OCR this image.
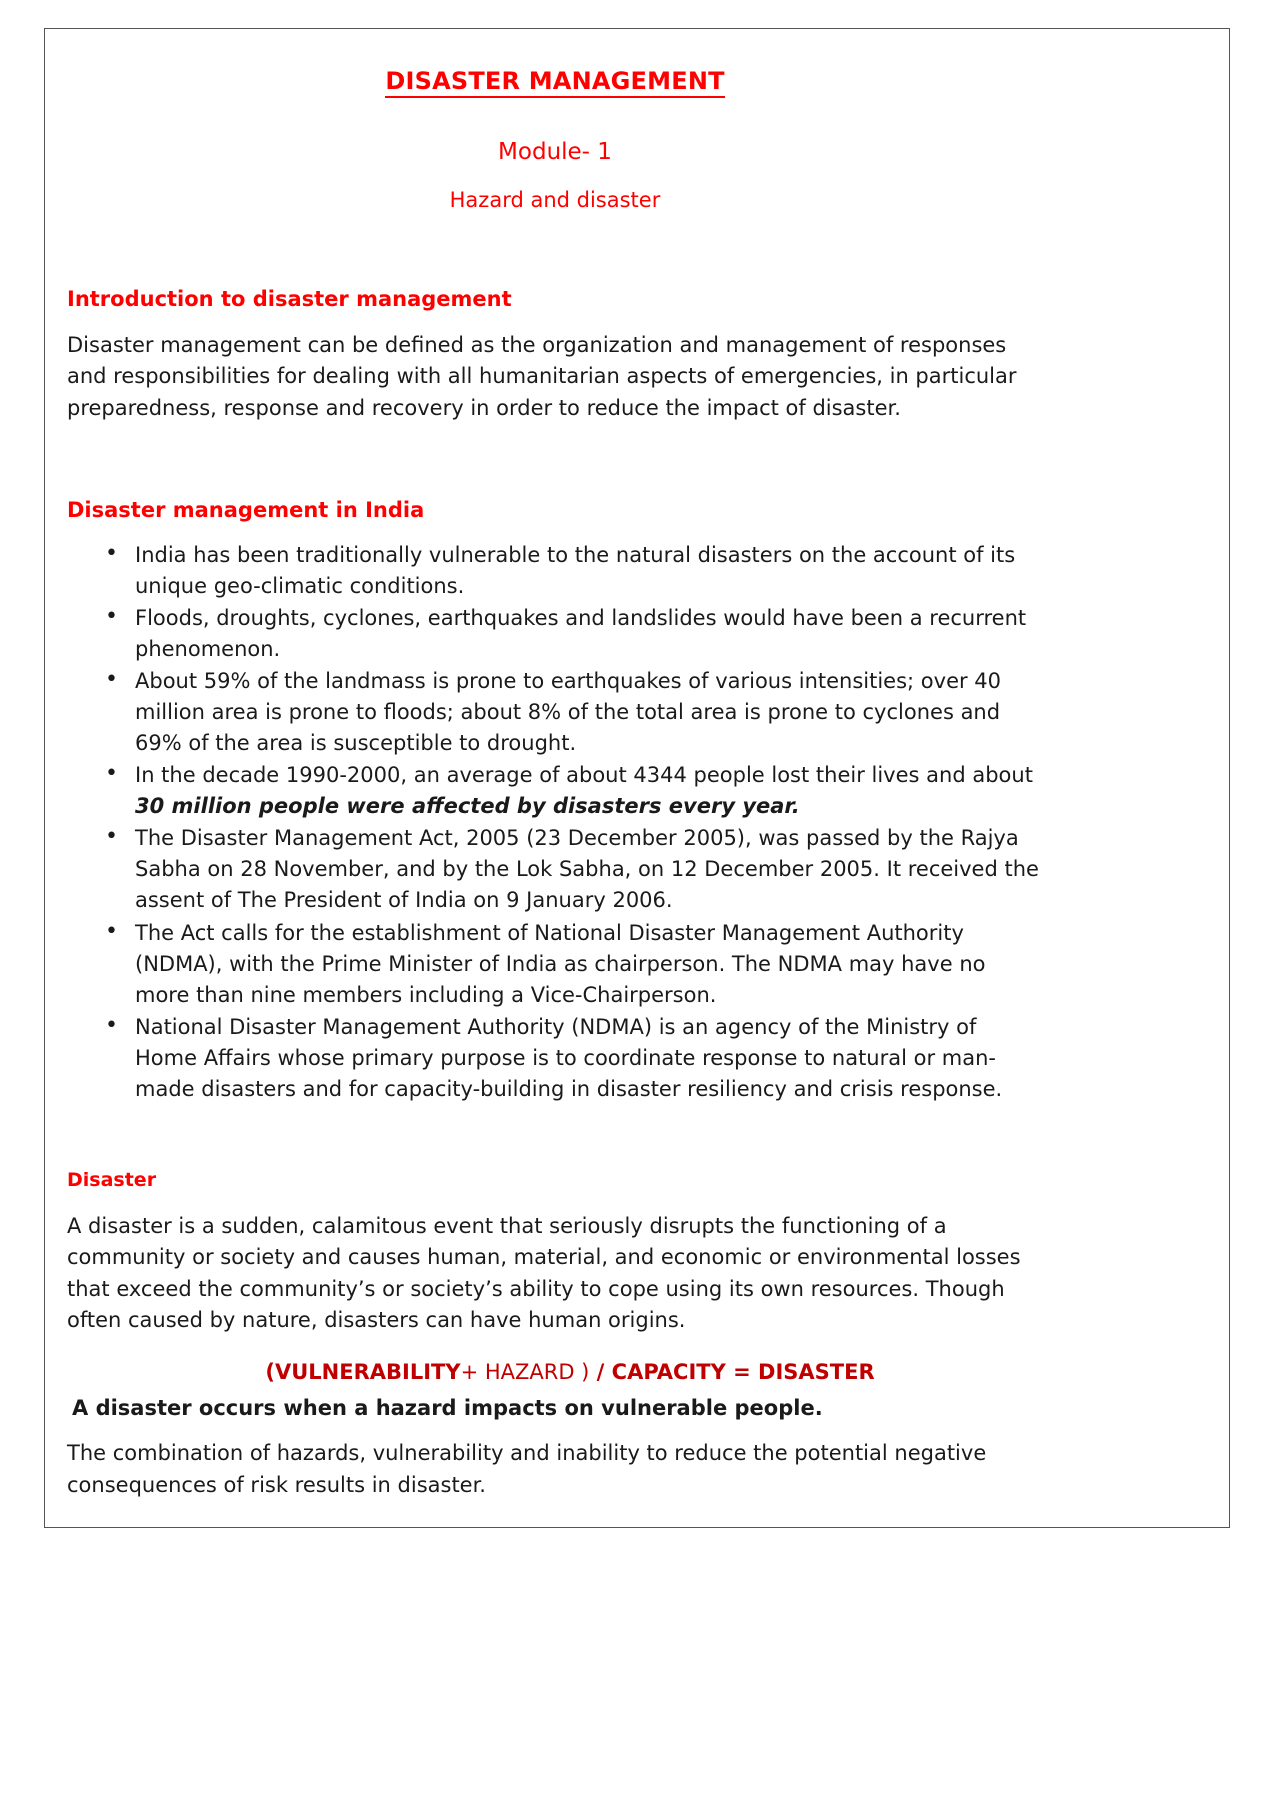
DISASTER MANAGEMENT
Module- 1
Hazard and disaster
Introduction to disaster management

Disaster management can be defined as the organization and management of responses and responsibilities for dealing with all humanitarian aspects of emergencies, in particular preparedness, response and recovery in order to reduce the impact of disaster.

Disaster management in India
• India has been traditionally vulnerable to the natural disasters on the account of its unique geo-climatic conditions.
• Floods, droughts, cyclones, earthquakes and landslides would have been a recurrent phenomenon.
• About 59% of the landmass is prone to earthquakes of various intensities; over 40 million area is prone to floods; about 8% of the total area is prone to cyclones and 69% of the area is susceptible to drought.
• In the decade 1990-2000, an average of about 4344 people lost their lives and about 30 million people were affected by disasters every year.
• The Disaster Management Act, 2005 (23 December 2005), was passed by the Rajya Sabha on 28 November, and by the Lok Sabha, on 12 December 2005. It received the assent of The President of India on 9 January 2006.
• The Act calls for the establishment of National Disaster Management Authority (NDMA), with the Prime Minister of India as chairperson. The NDMA may have no more than nine members including a Vice-Chairperson.
• National Disaster Management Authority (NDMA) is an agency of the Ministry of Home Affairs whose primary purpose is to coordinate response to natural or man-made disasters and for capacity-building in disaster resiliency and crisis response.
Disaster

A disaster is a sudden, calamitous event that seriously disrupts the functioning of a community or society and causes human, material, and economic or environmental losses that exceed the community’s or society’s ability to cope using its own resources. Though often caused by nature, disasters can have human origins.

(VULNERABILITY+ HAZARD ) / CAPACITY = DISASTER
A disaster occurs when a hazard impacts on vulnerable people.

The combination of hazards, vulnerability and inability to reduce the potential negative consequences of risk results in disaster.
